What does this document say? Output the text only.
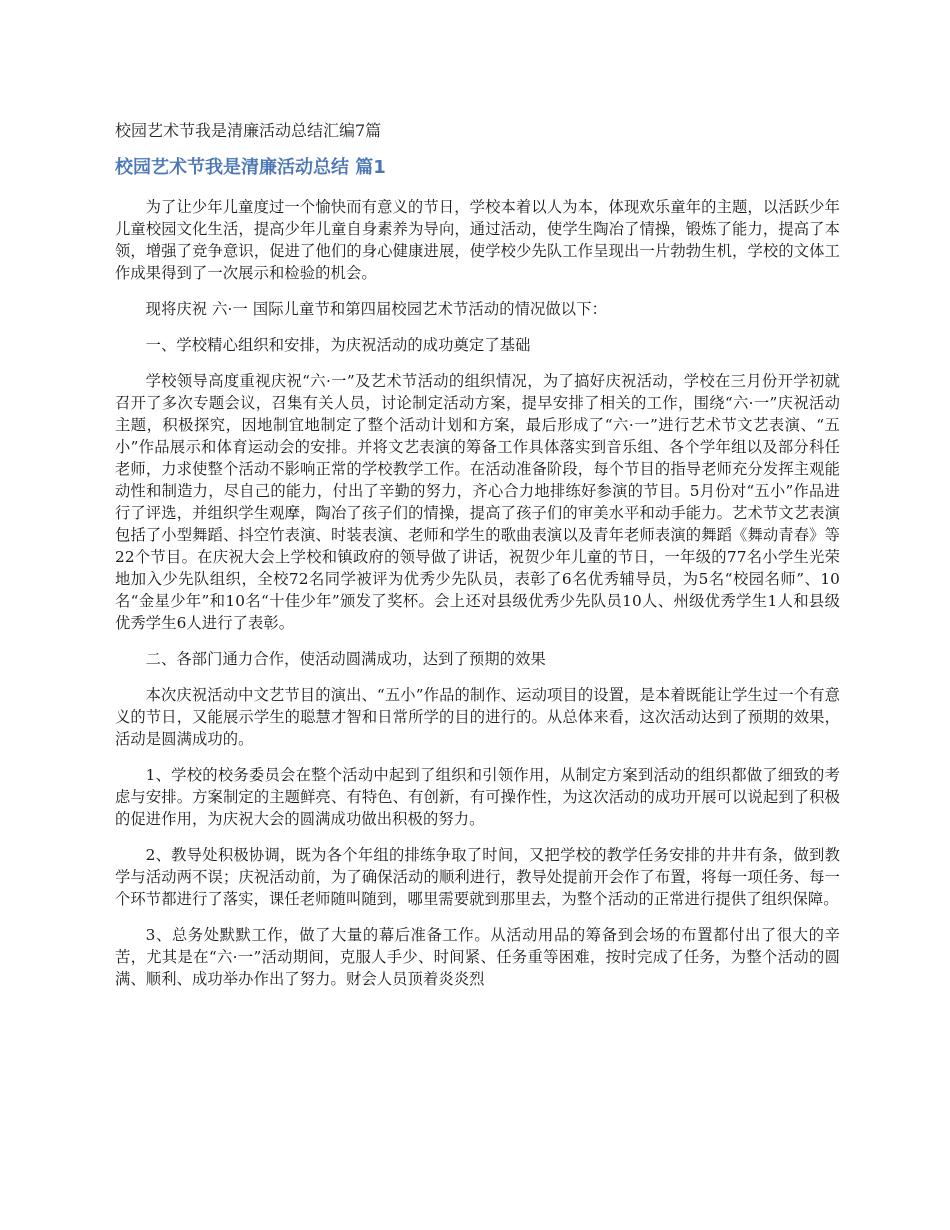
校园艺术节我是清廉活动总结汇编7篇
校园艺术节我是清廉活动总结 篇1

为了让少年儿童度过一个愉快而有意义的节日，学校本着以人为本，体现欢乐童年的主题，以活跃少年儿童校园文化生活，提高少年儿童自身素养为导向，通过活动，使学生陶冶了情操，锻炼了能力，提高了本领，增强了竞争意识，促进了他们的身心健康进展，使学校少先队工作呈现出一片勃勃生机，学校的文体工作成果得到了一次展示和检验的机会。

现将庆祝 六·一 国际儿童节和第四届校园艺术节活动的情况做以下：

一、学校精心组织和安排，为庆祝活动的成功奠定了基础

学校领导高度重视庆祝“六·一”及艺术节活动的组织情况，为了搞好庆祝活动，学校在三月份开学初就召开了多次专题会议，召集有关人员，讨论制定活动方案，提早安排了相关的工作，围绕“六·一”庆祝活动主题，积极探究，因地制宜地制定了整个活动计划和方案，最后形成了“六·一”进行艺术节文艺表演、“五小”作品展示和体育运动会的安排。并将文艺表演的筹备工作具体落实到音乐组、各个学年组以及部分科任老师，力求使整个活动不影响正常的学校教学工作。在活动准备阶段，每个节目的指导老师充分发挥主观能动性和制造力，尽自己的能力，付出了辛勤的努力，齐心合力地排练好参演的节目。5月份对“五小”作品进行了评选，并组织学生观摩，陶冶了孩子们的情操，提高了孩子们的审美水平和动手能力。艺术节文艺表演包括了小型舞蹈、抖空竹表演、时装表演、老师和学生的歌曲表演以及青年老师表演的舞蹈《舞动青春》等22个节目。在庆祝大会上学校和镇政府的领导做了讲话，祝贺少年儿童的节日，一年级的77名小学生光荣地加入少先队组织，全校72名同学被评为优秀少先队员，表彰了6名优秀辅导员，为5名“校园名师”、10名“金星少年”和10名“十佳少年”颁发了奖杯。会上还对县级优秀少先队员10人、州级优秀学生1人和县级优秀学生6人进行了表彰。

二、各部门通力合作，使活动圆满成功，达到了预期的效果

本次庆祝活动中文艺节目的演出、“五小”作品的制作、运动项目的设置，是本着既能让学生过一个有意义的节日，又能展示学生的聪慧才智和日常所学的目的进行的。从总体来看，这次活动达到了预期的效果，活动是圆满成功的。

1、学校的校务委员会在整个活动中起到了组织和引领作用，从制定方案到活动的组织都做了细致的考虑与安排。方案制定的主题鲜亮、有特色、有创新，有可操作性，为这次活动的成功开展可以说起到了积极的促进作用，为庆祝大会的圆满成功做出积极的努力。

2、教导处积极协调，既为各个年组的排练争取了时间，又把学校的教学任务安排的井井有条，做到教学与活动两不误；庆祝活动前，为了确保活动的顺利进行，教导处提前开会作了布置，将每一项任务、每一个环节都进行了落实，课任老师随叫随到，哪里需要就到那里去，为整个活动的正常进行提供了组织保障。

3、总务处默默工作，做了大量的幕后准备工作。从活动用品的筹备到会场的布置都付出了很大的辛苦，尤其是在“六·一”活动期间，克服人手少、时间紧、任务重等困难，按时完成了任务，为整个活动的圆满、顺利、成功举办作出了努力。财会人员顶着炎炎烈
